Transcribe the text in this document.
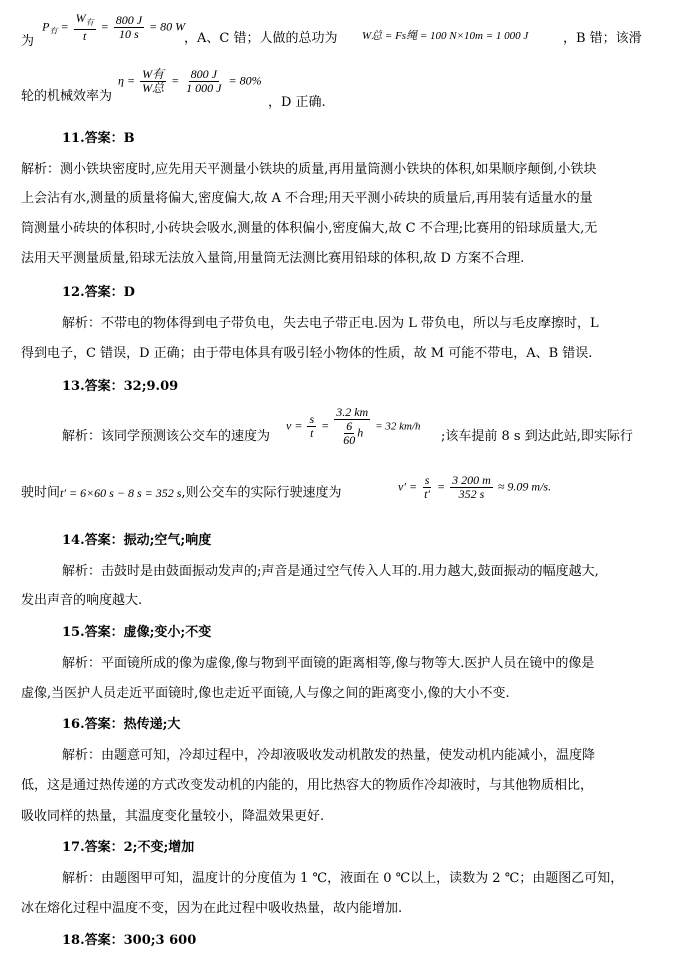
为 $P_有 = \frac{W_有}{t} = \frac{800 J}{10 s} = 80$ W
，A、C 错；人做的总功为 W总 = Fs绳 = 100 N×10m = 1 000 J	，B 错；该滑
轮的机械效率为
$\eta = \frac{\text{W有}}{\text{W总}} = \frac{800 J}{1 000 J} = 80\%$
，D 正确.
11.答案：B
解析：测小铁块密度时,应先用天平测量小铁块的质量,再用量筒测小铁块的体积,如果顺序颠倒,小铁块
上会沾有水,测量的质量将偏大,密度偏大,故 A 不合理;用天平测小砖块的质量后,再用装有适量水的量
筒测量小砖块的体积时,小砖块会吸水,测量的体积偏小,密度偏大,故 C 不合理;比赛用的铅球质量大,无
法用天平测量质量,铅球无法放入量筒,用量筒无法测比赛用铅球的体积,故 D 方案不合理.
12.答案：D
解析：不带电的物体得到电子带负电，失去电子带正电.因为 L 带负电，所以与毛皮摩擦时，L
得到电子，C 错误，D 正确；由于带电体具有吸引轻小物体的性质，故 M 可能不带电，A、B 错误.
13.答案：32;9.09
解析：该同学预测该公交车的速度为
$v = \frac{s}{t} = \frac{3.2 km}{\frac{6}{60} h} = 32$ km/h
;该车提前 8 s 到达此站,即实际行
驶时间t′ = 6×60 s − 8 s = 352 s,则公交车的实际行驶速度为	$v' = \frac{s}{t'} = \frac{3 200 m}{352 s} \approx 9.09$ m/s.
14.答案：振动;空气;响度
解析：击鼓时是由鼓面振动发声的;声音是通过空气传入人耳的.用力越大,鼓面振动的幅度越大,
发出声音的响度越大.
15.答案：虚像;变小;不变
解析：平面镜所成的像为虚像,像与物到平面镜的距离相等,像与物等大.医护人员在镜中的像是
虚像,当医护人员走近平面镜时,像也走近平面镜,人与像之间的距离变小,像的大小不变.
16.答案：热传递;大
解析：由题意可知，冷却过程中，冷却液吸收发动机散发的热量，使发动机内能减小，温度降
低，这是通过热传递的方式改变发动机的内能的，用比热容大的物质作冷却液时，与其他物质相比，
吸收同样的热量，其温度变化量较小，降温效果更好.
17.答案：2;不变;增加
解析：由题图甲可知，温度计的分度值为 1 ℃，液面在 0 ℃以上，读数为 2 ℃；由题图乙可知，
冰在熔化过程中温度不变，因为在此过程中吸收热量，故内能增加.
18.答案：300;3 600
